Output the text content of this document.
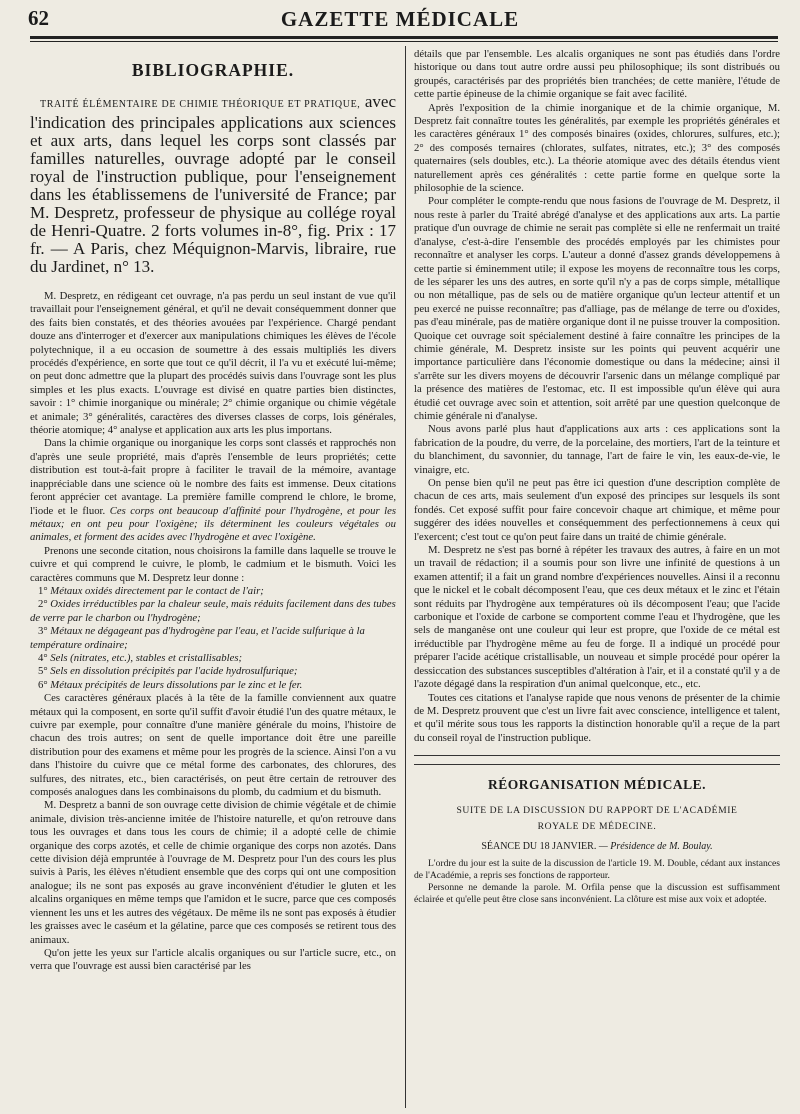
62	GAZETTE MÉDICALE
BIBLIOGRAPHIE.

TRAITÉ ÉLÉMENTAIRE DE CHIMIE THÉORIQUE ET PRATIQUE, avec l'indication des principales applications aux sciences et aux arts, dans lequel les corps sont classés par familles naturelles, ouvrage adopté par le conseil royal de l'instruction publique, pour l'enseignement dans les établissemens de l'université de France; par M. Despretz, professeur de physique au collége royal de Henri-Quatre. 2 forts volumes in-8°, fig. Prix : 17 fr. — A Paris, chez Méquignon-Marvis, libraire, rue du Jardinet, n° 13.

M. Despretz, en rédigeant cet ouvrage, n'a pas perdu un seul instant de vue qu'il travaillait pour l'enseignement général, et qu'il ne devait conséquemment donner que des faits bien constatés, et des théories avouées par l'expérience. Chargé pendant douze ans d'interroger et d'exercer aux manipulations chimiques les élèves de l'école polytechnique, il a eu occasion de soumettre à des essais multipliés les divers procédés d'expérience, en sorte que tout ce qu'il décrit, il l'a vu et exécuté lui-même; on peut donc admettre que la plupart des procédés suivis dans l'ouvrage sont les plus simples et les plus exacts. L'ouvrage est divisé en quatre parties bien distinctes, savoir : 1° chimie inorganique ou minérale; 2° chimie organique ou chimie végétale et animale; 3° généralités, caractères des diverses classes de corps, lois générales, théorie atomique; 4° analyse et application aux arts les plus importans.

Dans la chimie organique ou inorganique les corps sont classés et rapprochés non d'après une seule propriété, mais d'après l'ensemble de leurs propriétés; cette distribution est tout-à-fait propre à faciliter le travail de la mémoire, avantage inappréciable dans une science où le nombre des faits est immense. Deux citations feront apprécier cet avantage. La première famille comprend le chlore, le brome, l'iode et le fluor. Ces corps ont beaucoup d'affinité pour l'hydrogène, et pour les métaux; en ont peu pour l'oxigène; ils déterminent les couleurs végétales ou animales, et forment des acides avec l'hydrogène et avec l'oxigène.

Prenons une seconde citation, nous choisirons la famille dans laquelle se trouve le cuivre et qui comprend le cuivre, le plomb, le cadmium et le bismuth. Voici les caractères communs que M. Despretz leur donne :

1° Métaux oxidés directement par le contact de l'air;

2° Oxides irréductibles par la chaleur seule, mais réduits facilement dans des tubes de verre par le charbon ou l'hydrogène;

3° Métaux ne dégageant pas d'hydrogène par l'eau, et l'acide sulfurique à la température ordinaire;

4° Sels (nitrates, etc.), stables et cristallisables;

5° Sels en dissolution précipités par l'acide hydrosulfurique;

6° Métaux précipités de leurs dissolutions par le zinc et le fer.

Ces caractères généraux placés à la tête de la famille conviennent aux quatre métaux qui la composent, en sorte qu'il suffit d'avoir étudié l'un des quatre métaux, le cuivre par exemple, pour connaître d'une manière générale du moins, l'histoire de chacun des trois autres; on sent de quelle importance doit être une pareille distribution pour des examens et même pour les progrès de la science. Ainsi l'on a vu dans l'histoire du cuivre que ce métal forme des carbonates, des chlorures, des sulfures, des nitrates, etc., bien caractérisés, on peut être certain de retrouver des composés analogues dans les combinaisons du plomb, du cadmium et du bismuth.

M. Despretz a banni de son ouvrage cette division de chimie végétale et de chimie animale, division très-ancienne imitée de l'histoire naturelle, et qu'on retrouve dans tous les ouvrages et dans tous les cours de chimie; il a adopté celle de chimie organique des corps azotés, et celle de chimie organique des corps non azotés. Dans cette division déjà empruntée à l'ouvrage de M. Despretz pour l'un des cours les plus suivis à Paris, les élèves n'étudient ensemble que des corps qui ont une composition analogue; ils ne sont pas exposés au grave inconvénient d'étudier le gluten et les alcalins organiques en même temps que l'amidon et le sucre, parce que ces composés viennent les uns et les autres des végétaux. De même ils ne sont pas exposés à étudier les graisses avec le caséum et la gélatine, parce que ces composés se retirent tous des animaux.

Qu'on jette les yeux sur l'article alcalis organiques ou sur l'article sucre, etc., on verra que l'ouvrage est aussi bien caractérisé par les

détails que par l'ensemble. Les alcalis organiques ne sont pas étudiés dans l'ordre historique ou dans tout autre ordre aussi peu philosophique; ils sont distribués ou groupés, caractérisés par des propriétés bien tranchées; de cette manière, l'étude de cette partie épineuse de la chimie organique se fait avec facilité.

Après l'exposition de la chimie inorganique et de la chimie organique, M. Despretz fait connaître toutes les généralités, par exemple les propriétés générales et les caractères généraux 1° des composés binaires (oxides, chlorures, sulfures, etc.); 2° des composés ternaires (chlorates, sulfates, nitrates, etc.); 3° des composés quaternaires (sels doubles, etc.). La théorie atomique avec des détails étendus vient naturellement après ces généralités : cette partie forme en quelque sorte la philosophie de la science.

Pour compléter le compte-rendu que nous fasions de l'ouvrage de M. Despretz, il nous reste à parler du Traité abrégé d'analyse et des applications aux arts. La partie pratique d'un ouvrage de chimie ne serait pas complète si elle ne renfermait un traité d'analyse, c'est-à-dire l'ensemble des procédés employés par les chimistes pour reconnaître et analyser les corps. L'auteur a donné d'assez grands développemens à cette partie si éminemment utile; il expose les moyens de reconnaître tous les corps, de les séparer les uns des autres, en sorte qu'il n'y a pas de corps simple, métallique ou non métallique, pas de sels ou de matière organique qu'un lecteur attentif et un peu exercé ne puisse reconnaître; pas d'alliage, pas de mélange de terre ou d'oxides, pas d'eau minérale, pas de matière organique dont il ne puisse trouver la composition. Quoique cet ouvrage soit spécialement destiné à faire connaître les principes de la chimie générale, M. Despretz insiste sur les points qui peuvent acquérir une importance particulière dans l'économie domestique ou dans la médecine; ainsi il s'arrête sur les divers moyens de découvrir l'arsenic dans un mélange compliqué par la présence des matières de l'estomac, etc. Il est impossible qu'un élève qui aura étudié cet ouvrage avec soin et attention, soit arrêté par une question quelconque de chimie générale ni d'analyse.

Nous avons parlé plus haut d'applications aux arts : ces applications sont la fabrication de la poudre, du verre, de la porcelaine, des mortiers, l'art de la teinture et du blanchiment, du savonnier, du tannage, l'art de faire le vin, les eaux-de-vie, le vinaigre, etc.

On pense bien qu'il ne peut pas être ici question d'une description complète de chacun de ces arts, mais seulement d'un exposé des principes sur lesquels ils sont fondés. Cet exposé suffit pour faire concevoir chaque art chimique, et même pour suggérer des idées nouvelles et conséquemment des perfectionnemens à ceux qui l'exercent; c'est tout ce qu'on peut faire dans un traité de chimie générale.

M. Despretz ne s'est pas borné à répéter les travaux des autres, à faire en un mot un travail de rédaction; il a soumis pour son livre une infinité de questions à un examen attentif; il a fait un grand nombre d'expériences nouvelles. Ainsi il a reconnu que le nickel et le cobalt décomposent l'eau, que ces deux métaux et le zinc et l'étain sont réduits par l'hydrogène aux températures où ils décomposent l'eau; que l'acide carbonique et l'oxide de carbone se comportent comme l'eau et l'hydrogène, que les sels de manganèse ont une couleur qui leur est propre, que l'oxide de ce métal est irréductible par l'hydrogène même au feu de forge. Il a indiqué un procédé pour préparer l'acide acétique cristallisable, un nouveau et simple procédé pour opérer la dessiccation des substances susceptibles d'altération à l'air, et il a constaté qu'il y a de l'azote dégagé dans la respiration d'un animal quelconque, etc., etc.

Toutes ces citations et l'analyse rapide que nous venons de présenter de la chimie de M. Despretz prouvent que c'est un livre fait avec conscience, intelligence et talent, et qu'il mérite sous tous les rapports la distinction honorable qu'il a reçue de la part du conseil royal de l'instruction publique.

RÉORGANISATION MÉDICALE.
SUITE DE LA DISCUSSION DU RAPPORT DE L'ACADÉMIE
ROYALE DE MÉDECINE.
SÉANCE DU 18 JANVIER. — Présidence de M. Boulay.

L'ordre du jour est la suite de la discussion de l'article 19. M. Double, cédant aux instances de l'Académie, a repris ses fonctions de rapporteur.

Personne ne demande la parole. M. Orfila pense que la discussion est suffisamment éclairée et qu'elle peut être close sans inconvénient. La clôture est mise aux voix et adoptée.
